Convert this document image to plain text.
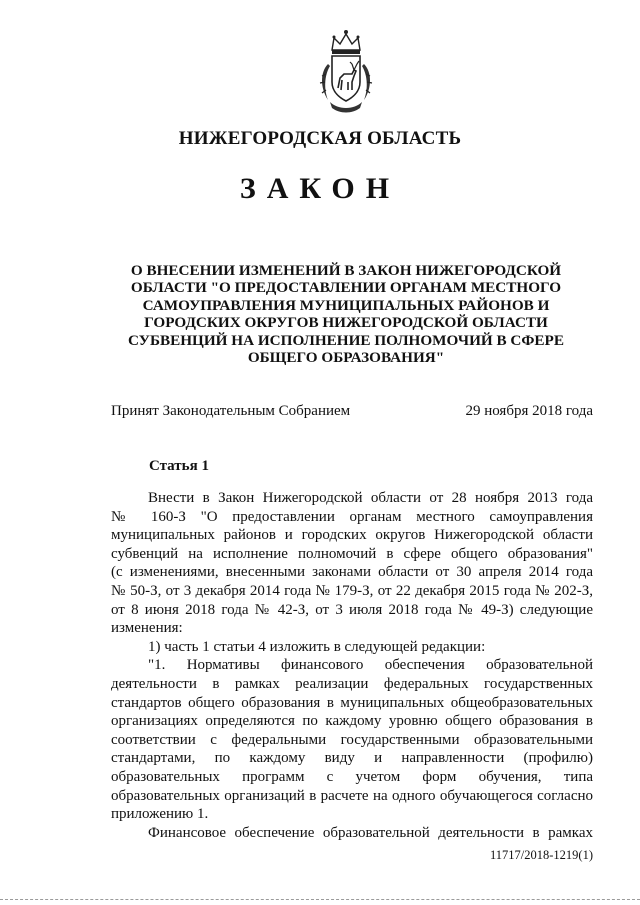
НИЖЕГОРОДСКАЯ ОБЛАСТЬ
ЗАКОН
О ВНЕСЕНИИ ИЗМЕНЕНИЙ В ЗАКОН НИЖЕГОРОДСКОЙ
ОБЛАСТИ "О ПРЕДОСТАВЛЕНИИ ОРГАНАМ МЕСТНОГО
САМОУПРАВЛЕНИЯ МУНИЦИПАЛЬНЫХ РАЙОНОВ И
ГОРОДСКИХ ОКРУГОВ НИЖЕГОРОДСКОЙ ОБЛАСТИ
СУБВЕНЦИЙ НА ИСПОЛНЕНИЕ ПОЛНОМОЧИЙ В СФЕРЕ
ОБЩЕГО ОБРАЗОВАНИЯ"
Принят Законодательным Собранием	29 ноября 2018 года
Статья 1

Внести в Закон Нижегородской области от 28 ноября 2013 года
№ 160-З "О предоставлении органам местного самоуправления
муниципальных районов и городских округов Нижегородской области
субвенций на исполнение полномочий в сфере общего образования"
(с изменениями, внесенными законами области от 30 апреля 2014 года
№ 50-З, от 3 декабря 2014 года № 179-З, от 22 декабря 2015 года № 202-З,
от 8 июня 2018 года № 42-З, от 3 июля 2018 года № 49-З) следующие
изменения:

1) часть 1 статьи 4 изложить в следующей редакции:

"1. Нормативы финансового обеспечения образовательной
деятельности в рамках реализации федеральных государственных
стандартов общего образования в муниципальных общеобразовательных
организациях определяются по каждому уровню общего образования в
соответствии с федеральными государственными образовательными
стандартами, по каждому виду и направленности (профилю)
образовательных программ с учетом форм обучения, типа
образовательных организаций в расчете на одного обучающегося согласно
приложению 1.

Финансовое обеспечение образовательной деятельности в рамках

11717/2018-1219(1)
